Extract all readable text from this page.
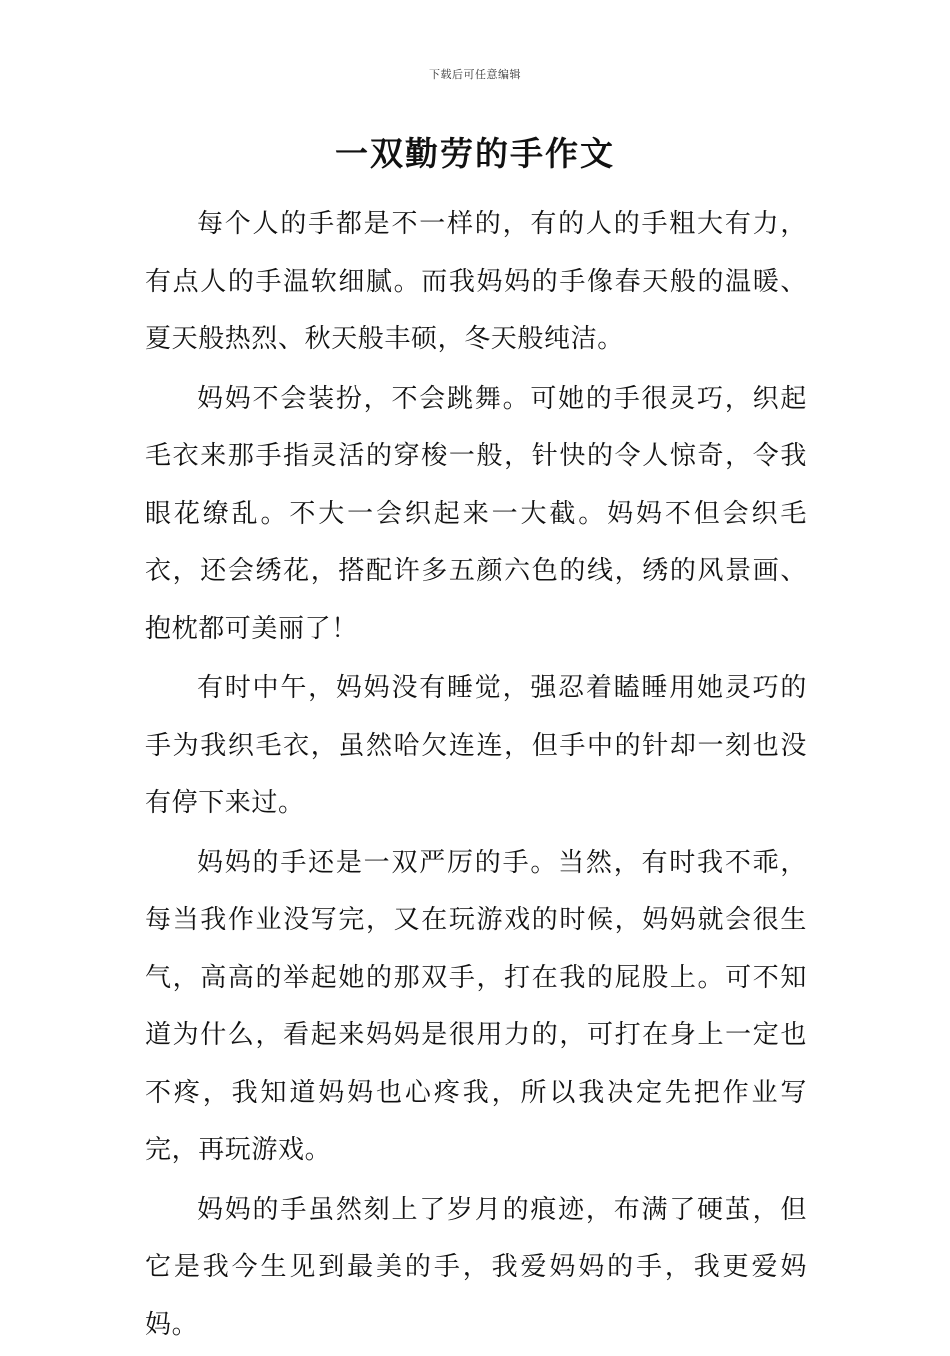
下载后可任意编辑
一双勤劳的手作文

每个人的手都是不一样的，有的人的手粗大有力，有点人的手温软细腻。而我妈妈的手像春天般的温暖、夏天般热烈、秋天般丰硕，冬天般纯洁。

妈妈不会装扮，不会跳舞。可她的手很灵巧，织起毛衣来那手指灵活的穿梭一般，针快的令人惊奇，令我眼花缭乱。不大一会织起来一大截。妈妈不但会织毛衣，还会绣花，搭配许多五颜六色的线，绣的风景画、抱枕都可美丽了！

有时中午，妈妈没有睡觉，强忍着瞌睡用她灵巧的手为我织毛衣，虽然哈欠连连，但手中的针却一刻也没有停下来过。

妈妈的手还是一双严厉的手。当然，有时我不乖，每当我作业没写完，又在玩游戏的时候，妈妈就会很生气，高高的举起她的那双手，打在我的屁股上。可不知道为什么，看起来妈妈是很用力的，可打在身上一定也不疼，我知道妈妈也心疼我，所以我决定先把作业写完，再玩游戏。

妈妈的手虽然刻上了岁月的痕迹，布满了硬茧，但它是我今生见到最美的手，我爱妈妈的手，我更爱妈妈。
